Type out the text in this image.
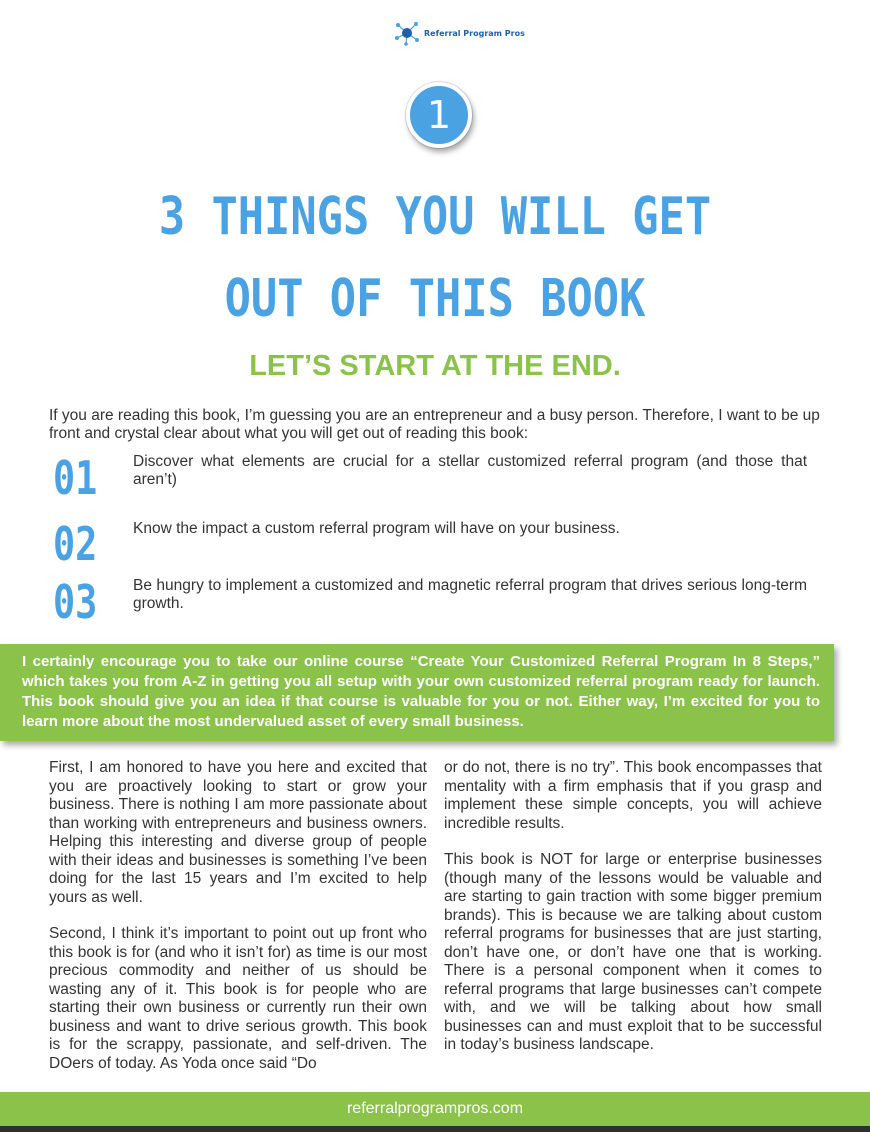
Referral Program Pros
1
3 THINGS YOU WILL GET
OUT OF THIS BOOK
LET’S START AT THE END.

If you are reading this book, I’m guessing you are an entrepreneur and a busy person. Therefore, I want to be up front and crystal clear about what you will get out of reading this book:

01 Discover what elements are crucial for a stellar customized referral program (and those that aren’t)
02 Know the impact a custom referral program will have on your business.
03 Be hungry to implement a customized and magnetic referral program that drives serious long-term growth.

I certainly encourage you to take our online course “Create Your Customized Referral Program In 8 Steps,” which takes you from A-Z in getting you all setup with your own customized referral program ready for launch. This book should give you an idea if that course is valuable for you or not. Either way, I’m excited for you to learn more about the most undervalued asset of every small business.

First, I am honored to have you here and excited that you are proactively looking to start or grow your business. There is nothing I am more passionate about than working with entrepreneurs and business owners. Helping this interesting and diverse group of people with their ideas and businesses is something I’ve been doing for the last 15 years and I’m excited to help yours as well.

Second, I think it’s important to point out up front who this book is for (and who it isn’t for) as time is our most precious commodity and neither of us should be wasting any of it. This book is for people who are starting their own business or currently run their own business and want to drive serious growth. This book is for the scrappy, passionate, and self-driven. The DOers of today. As Yoda once said “Do

or do not, there is no try”. This book encompasses that mentality with a firm emphasis that if you grasp and implement these simple concepts, you will achieve incredible results.

This book is NOT for large or enterprise businesses (though many of the lessons would be valuable and are starting to gain traction with some bigger premium brands). This is because we are talking about custom referral programs for businesses that are just starting, don’t have one, or don’t have one that is working. There is a personal component when it comes to referral programs that large businesses can’t compete with, and we will be talking about how small businesses can and must exploit that to be successful in today’s business landscape.

referralprogrampros.com
